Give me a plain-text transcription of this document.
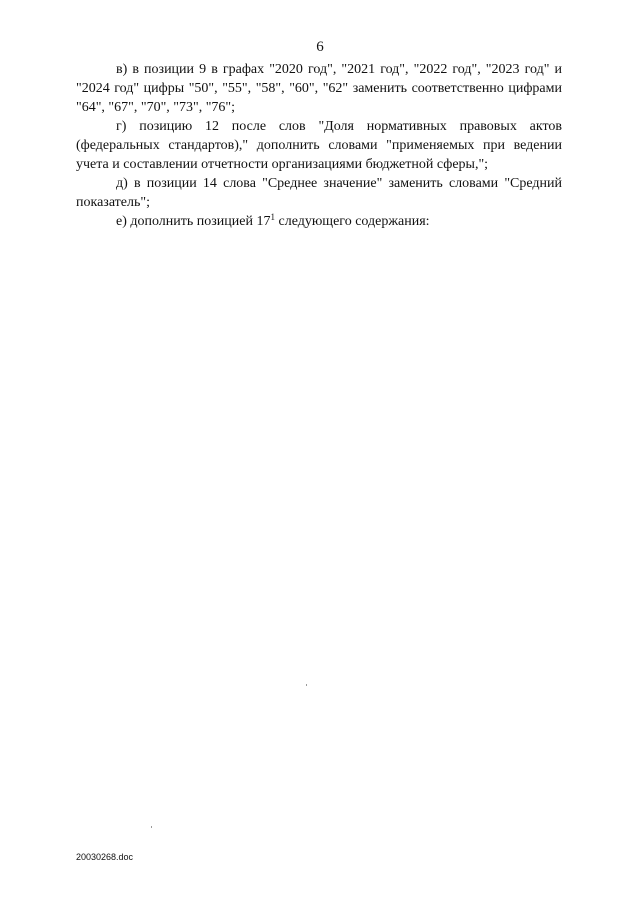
6

в) в позиции 9 в графах "2020 год", "2021 год", "2022 год", "2023 год" и "2024 год" цифры "50", "55", "58", "60", "62" заменить соответственно цифрами "64", "67", "70", "73", "76";

г) позицию 12 после слов "Доля нормативных правовых актов (федеральных стандартов)," дополнить словами "применяемых при ведении учета и составлении отчетности организациями бюджетной сферы,";

д) в позиции 14 слова "Среднее значение" заменить словами "Средний показатель";

е) дополнить позицией $17^1$ следующего содержания:

20030268.doc
